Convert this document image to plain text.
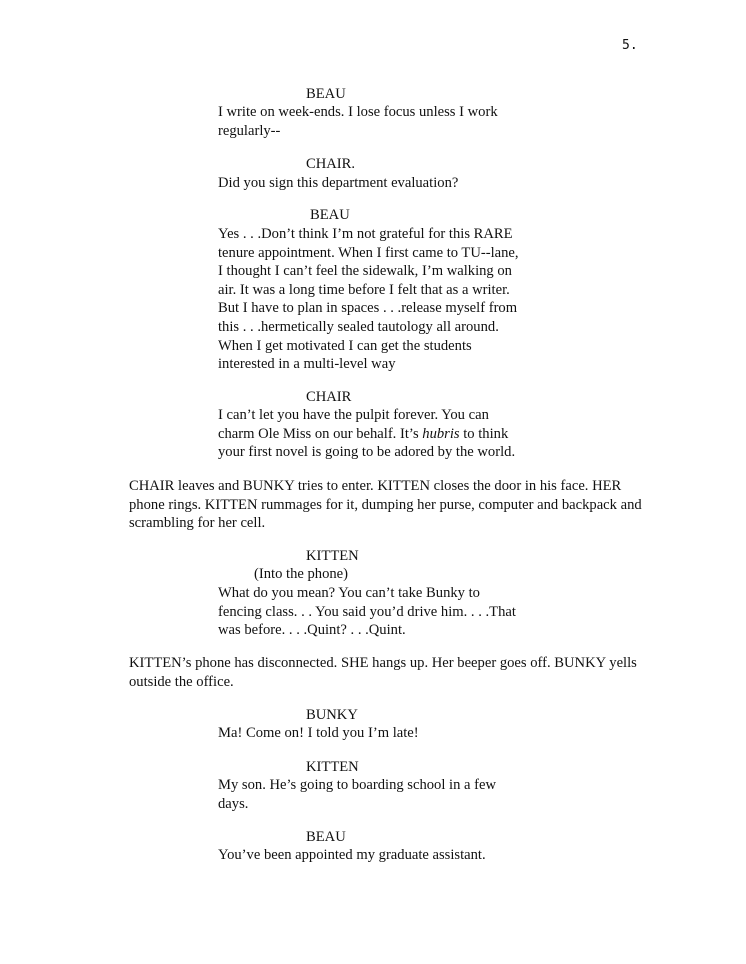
5.
BEAU
I write on week-ends. I lose focus unless I work
regularly--
CHAIR.
Did you sign this department evaluation?
BEAU
Yes . . .Don’t think I’m not grateful for this RARE
tenure appointment. When I first came to TU--lane,
I thought I can’t feel the sidewalk, I’m walking on
air. It was a long time before I felt that as a writer.
But I have to plan in spaces . . .release myself from
this . . .hermetically sealed tautology all around.
When I get motivated I can get the students
interested in a multi-level way
CHAIR
I can’t let you have the pulpit forever. You can
charm Ole Miss on our behalf. It’s hubris to think
your first novel is going to be adored by the world.
CHAIR leaves and BUNKY tries to enter. KITTEN closes the door in his face. HER
phone rings. KITTEN rummages for it, dumping her purse, computer and backpack and
scrambling for her cell.
KITTEN
(Into the phone)
What do you mean? You can’t take Bunky to
fencing class. . . You said you’d drive him. . . .That
was before. . . .Quint? . . .Quint.
KITTEN’s phone has disconnected. SHE hangs up. Her beeper goes off. BUNKY yells
outside the office.
BUNKY
Ma! Come on! I told you I’m late!
KITTEN
My son. He’s going to boarding school in a few
days.
BEAU
You’ve been appointed my graduate assistant.
